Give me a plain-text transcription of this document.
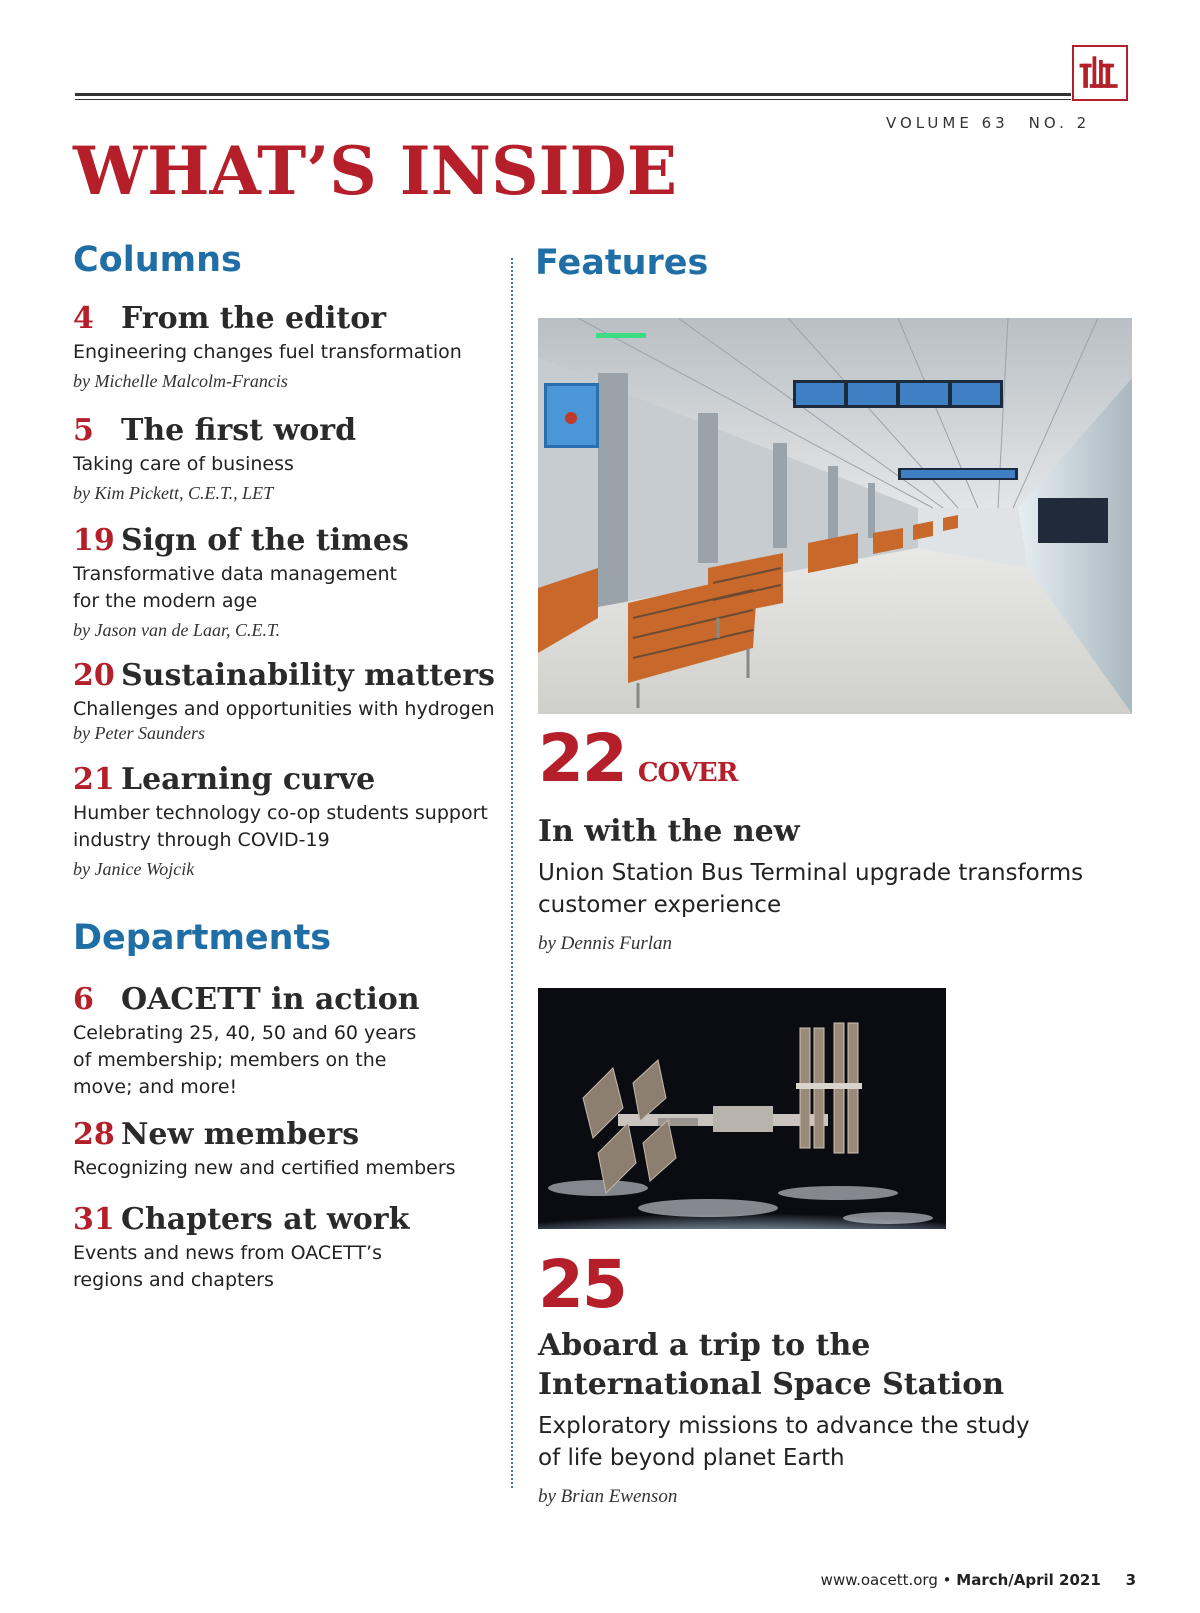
VOLUME 63 NO. 2
WHAT’S INSIDE
Columns
4 From the editor
Engineering changes fuel transformation
by Michelle Malcolm-Francis
5 The first word
Taking care of business
by Kim Pickett, C.E.T., LET
19 Sign of the times
Transformative data management for the modern age
by Jason van de Laar, C.E.T.
20 Sustainability matters
Challenges and opportunities with hydrogen
by Peter Saunders
21 Learning curve
Humber technology co-op students support industry through COVID-19
by Janice Wojcik
Departments
6 OACETT in action
Celebrating 25, 40, 50 and 60 years of membership; members on the move; and more!
28 New members
Recognizing new and certified members
31 Chapters at work
Events and news from OACETT’s regions and chapters
Features
22 COVER
In with the new
Union Station Bus Terminal upgrade transforms customer experience
by Dennis Furlan
25
Aboard a trip to the International Space Station
Exploratory missions to advance the study of life beyond planet Earth
by Brian Ewenson
www.oacett.org • March/April 2021 3
